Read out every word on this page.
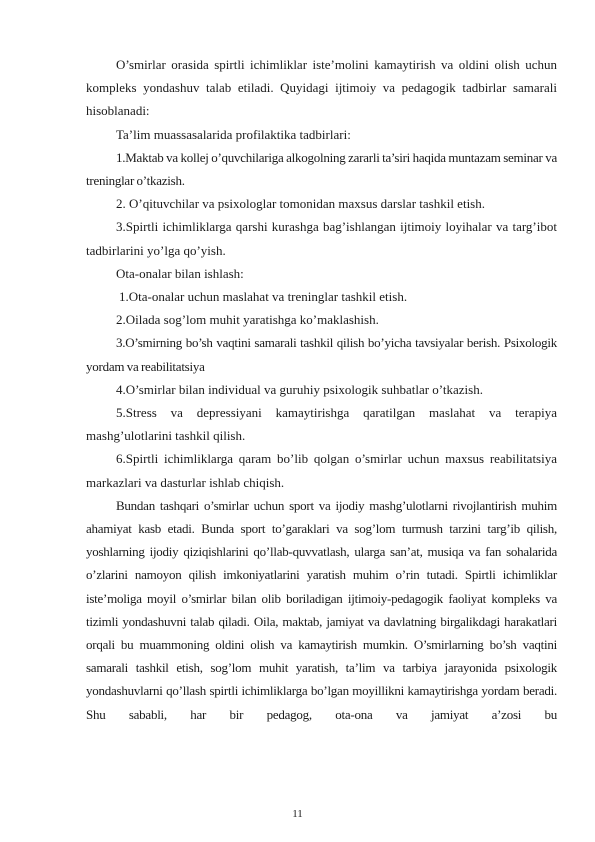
O’smirlar orasida spirtli ichimliklar iste’molini kamaytirish va oldini olish uchun kompleks yondashuv talab etiladi. Quyidagi ijtimoiy va pedagogik tadbirlar samarali hisoblanadi:

Ta’lim muassasalarida profilaktika tadbirlari:

1.Maktab va kollej o’quvchilariga alkogolning zararli ta’siri haqida muntazam seminar va treninglar o’tkazish.

2. O’qituvchilar va psixologlar tomonidan maxsus darslar tashkil etish.

3.Spirtli ichimliklarga qarshi kurashga bag’ishlangan ijtimoiy loyihalar va targ’ibot tadbirlarini yo’lga qo’yish.

Ota-onalar bilan ishlash:

1.Ota-onalar uchun maslahat va treninglar tashkil etish.

2.Oilada sog’lom muhit yaratishga ko’maklashish.

3.O’smirning bo’sh vaqtini samarali tashkil qilish bo’yicha tavsiyalar berish. Psixologik yordam va reabilitatsiya

4.O’smirlar bilan individual va guruhiy psixologik suhbatlar o’tkazish.

5.Stress va depressiyani kamaytirishga qaratilgan maslahat va terapiya mashg’ulotlarini tashkil qilish.

6.Spirtli ichimliklarga qaram bo’lib qolgan o’smirlar uchun maxsus reabilitatsiya markazlari va dasturlar ishlab chiqish.

Bundan tashqari o’smirlar uchun sport va ijodiy mashg’ulotlarni rivojlantirish muhim ahamiyat kasb etadi. Bunda sport to’garaklari va sog’lom turmush tarzini targ’ib qilish, yoshlarning ijodiy qiziqishlarini qo’llab-quvvatlash, ularga san’at, musiqa va fan sohalarida o’zlarini namoyon qilish imkoniyatlarini yaratish muhim o’rin tutadi. Spirtli ichimliklar iste’moliga moyil o’smirlar bilan olib boriladigan ijtimoiy-pedagogik faoliyat kompleks va tizimli yondashuvni talab qiladi. Oila, maktab, jamiyat va davlatning birgalikdagi harakatlari orqali bu muammoning oldini olish va kamaytirish mumkin. O’smirlarning bo’sh vaqtini samarali tashkil etish, sog’lom muhit yaratish, ta’lim va tarbiya jarayonida psixologik yondashuvlarni qo’llash spirtli ichimliklarga bo’lgan moyillikni kamaytirishga yordam beradi. Shu sababli, har bir pedagog, ota-ona va jamiyat a’zosi bu

11
